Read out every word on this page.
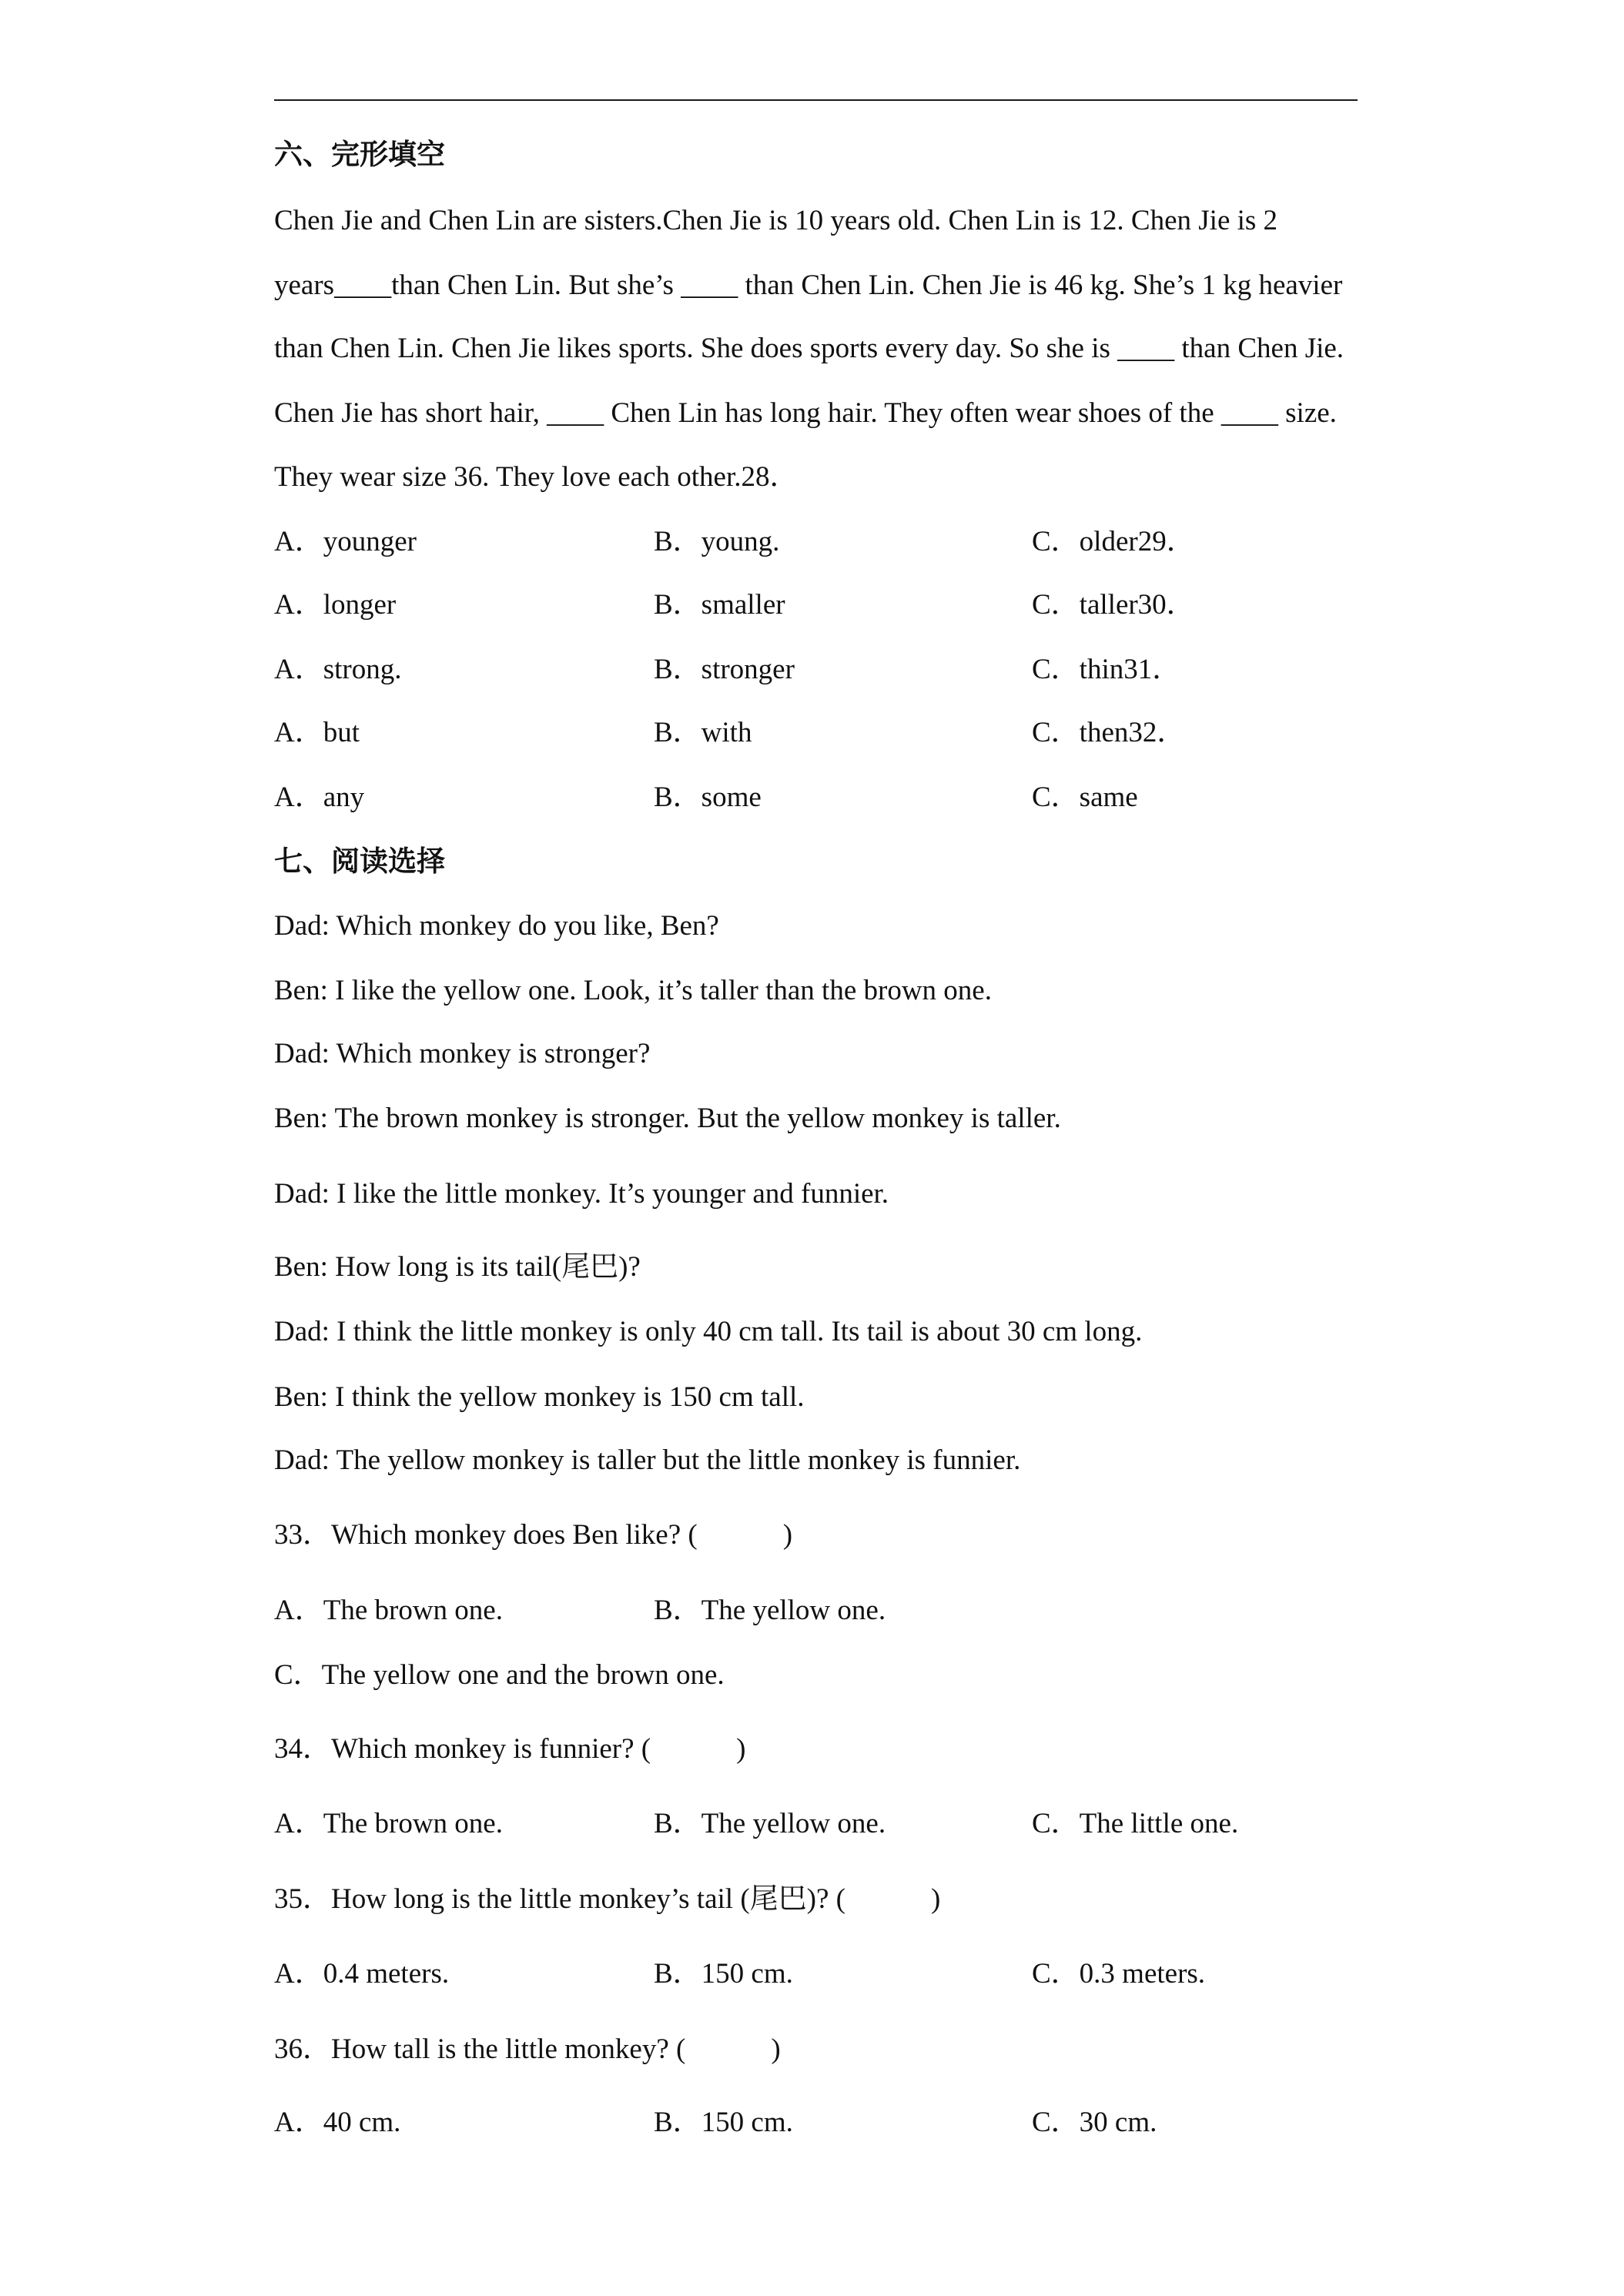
六、完形填空
Chen Jie and Chen Lin are sisters.Chen Jie is 10 years old. Chen Lin is 12. Chen Jie is 2
years____than Chen Lin. But she’s ____ than Chen Lin. Chen Jie is 46 kg. She’s 1 kg heavier
than Chen Lin. Chen Jie likes sports. She does sports every day. So she is ____ than Chen Jie.
Chen Jie has short hair, ____ Chen Lin has long hair. They often wear shoes of the ____ size.
They wear size 36. They love each other.28．

A．younger

	B．young.

	C．older29．

A．longer

	B．smaller

	C．taller30．

A．strong.

	B．stronger

	C．thin31．

A．but

	B．with

	C．then32．

A．any

	B．some

	C．same

七、阅读选择
Dad: Which monkey do you like, Ben?
Ben: I like the yellow one. Look, it’s taller than the brown one.
Dad: Which monkey is stronger?
Ben: The brown monkey is stronger. But the yellow monkey is taller.
Dad: I like the little monkey. It’s younger and funnier.
Ben: How long is its tail(尾巴)?
Dad: I think the little monkey is only 40 cm tall. Its tail is about 30 cm long.
Ben: I think the yellow monkey is 150 cm tall.
Dad: The yellow monkey is taller but the little monkey is funnier.
33．Which monkey does Ben like? (            )

A．The brown one.

	B．The yellow one.

C．The yellow one and the brown one.

34．Which monkey is funnier? (            )

A．The brown one.

	B．The yellow one.

	C．The little one.

35．How long is the little monkey’s tail (尾巴)? (            )

A．0.4 meters.

	B．150 cm.

	C．0.3 meters.

36．How tall is the little monkey? (            )

A．40 cm.

	B．150 cm.

	C．30 cm.
